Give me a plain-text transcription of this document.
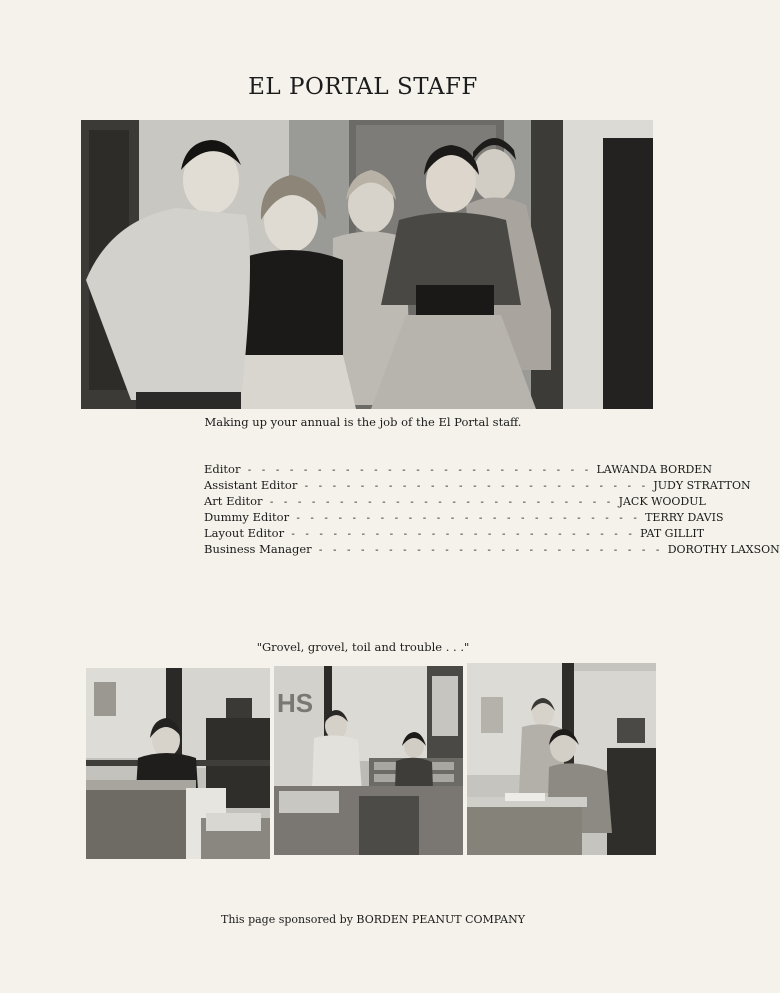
EL PORTAL STAFF
Making up your annual is the job of the El Portal staff.
Editor - - - - - - - - - - - - - - - - - - - - - - - - - LAWANDA BORDEN
Assistant Editor - - - - - - - - - - - - - - - - - - - - - - - - - JUDY STRATTON
Art Editor - - - - - - - - - - - - - - - - - - - - - - - - - JACK WOODUL
Dummy Editor - - - - - - - - - - - - - - - - - - - - - - - - - TERRY DAVIS
Layout Editor - - - - - - - - - - - - - - - - - - - - - - - - - PAT GILLIT
Business Manager - - - - - - - - - - - - - - - - - - - - - - - - - DOROTHY LAXSON
"Grovel, grovel, toil and trouble . . ."
HS
This page sponsored by BORDEN PEANUT COMPANY
